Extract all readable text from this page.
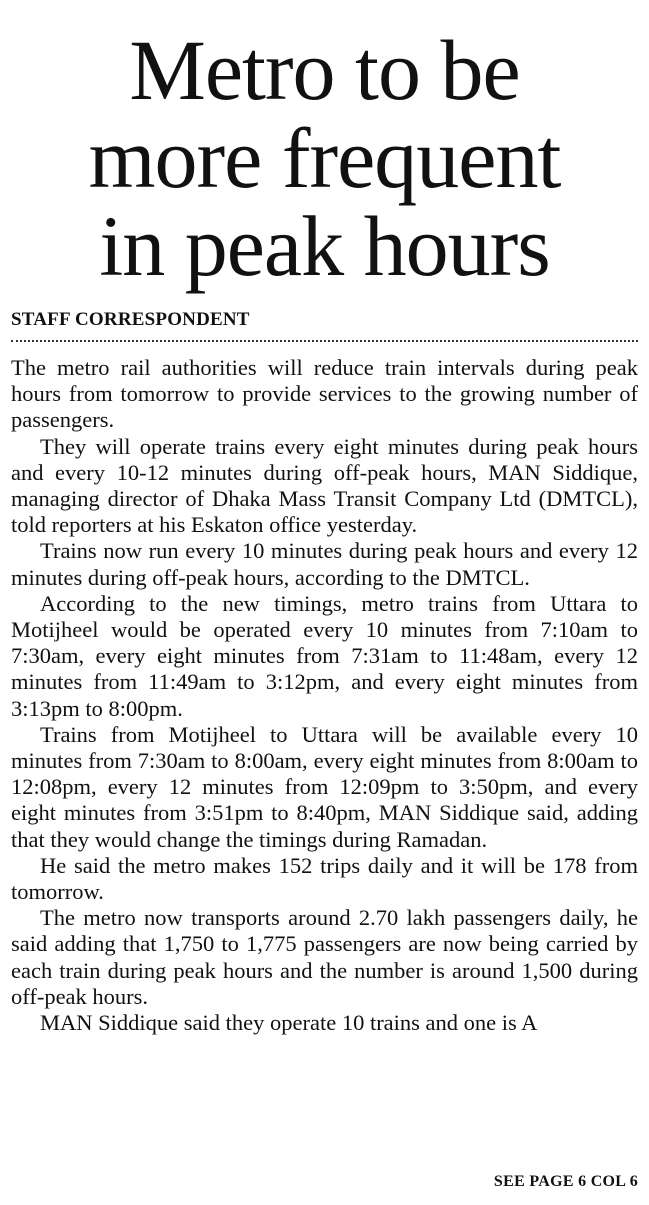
Metro to be
more frequent
in peak hours
STAFF CORRESPONDENT

The metro rail authorities will reduce train intervals during peak hours from tomorrow to provide services to the growing number of passengers.

They will operate trains every eight minutes during peak hours and every 10-12 minutes during off-peak hours, MAN Siddique, managing director of Dhaka Mass Transit Company Ltd (DMTCL), told reporters at his Eskaton office yesterday.

Trains now run every 10 minutes during peak hours and every 12 minutes during off-peak hours, according to the DMTCL.

According to the new timings, metro trains from Uttara to Motijheel would be operated every 10 minutes from 7:10am to 7:30am, every eight minutes from 7:31am to 11:48am, every 12 minutes from 11:49am to 3:12pm, and every eight minutes from 3:13pm to 8:00pm.

Trains from Motijheel to Uttara will be available every 10 minutes from 7:30am to 8:00am, every eight minutes from 8:00am to 12:08pm, every 12 minutes from 12:09pm to 3:50pm, and every eight minutes from 3:51pm to 8:40pm, MAN Siddique said, adding that they would change the timings during Ramadan.

He said the metro makes 152 trips daily and it will be 178 from tomorrow.

The metro now transports around 2.70 lakh passengers daily, he said adding that 1,750 to 1,775 passengers are now being carried by each train during peak hours and the number is around 1,500 during off-peak hours.

MAN Siddique said they operate 10 trains and one is A

SEE PAGE 6 COL 6
